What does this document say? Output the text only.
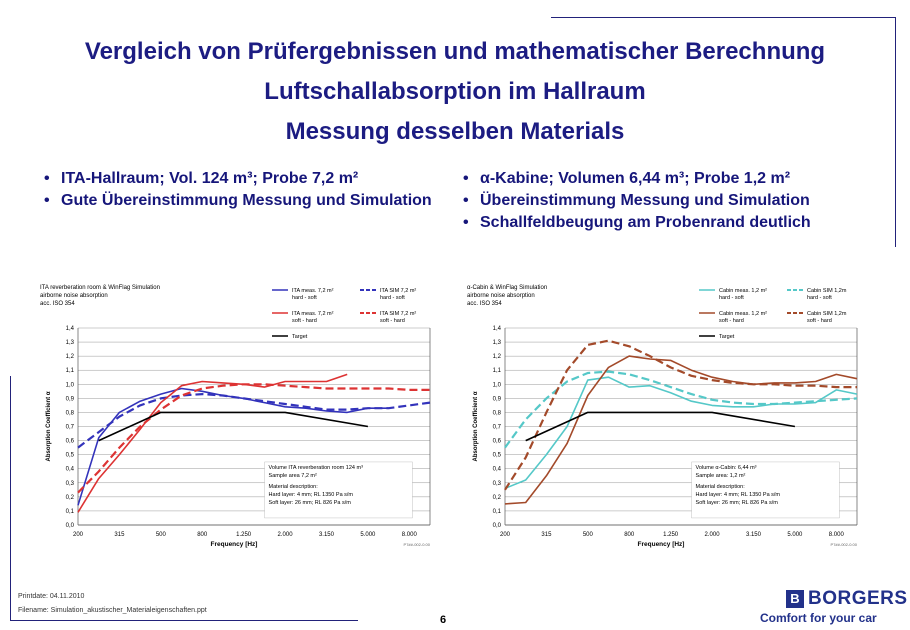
Vergleich von Prüfergebnissen und mathematischer Berechnung
Luftschallabsorption im Hallraum
Messung desselben Materials
• ITA-Hallraum; Vol. 124 m³; Probe 7,2 m²
• Gute Übereinstimmung Messung und Simulation
• α-Kabine; Volumen 6,44 m³; Probe 1,2 m²
• Übereinstimmung Messung und Simulation
• Schallfeldbeugung am Probenrand deutlich
ITA reverberation room & WinFlag Simulation
airborne noise absorption
acc. ISO 354
0,0
0,1
0,2
0,3
0,4
0,5
0,6
0,7
0,8
0,9
1,0
1,1
1,2
1,3
1,4
200	315	500	800	1.250	2.000	3.150	5.000	8.000
Frequency [Hz]
Absorption Coefficient α
P7##-002-0.00
ITA meas. 7,2 m²
hard - soft
ITA SIM 7,2 m²
hard - soft
ITA meas. 7,2 m²
soft - hard
ITA SIM 7,2 m²
soft - hard
Target
Volume ITA reverberation room 124 m³
Sample area 7,2 m²
Material description:
Hard layer: 4 mm; RL 1350 Pa s/m
Soft layer: 26 mm; RL 826 Pa s/m
α-Cabin & WinFlag Simulation
airborne noise absorption
acc. ISO 354
0,0
0,1
0,2
0,3
0,4
0,5
0,6
0,7
0,8
0,9
1,0
1,1
1,2
1,3
1,4
200	315	500	800	1.250	2.000	3.150	5.000	8.000
Frequency [Hz]
Absorption Coefficient α
P7##-002-0.00
Cabin meas. 1,2 m²
hard - soft
Cabin SIM 1,2m
hard - soft
Cabin meas. 1,2 m²
soft - hard
Cabin SIM 1,2m
soft - hard
Target
Volume α-Cabin: 6,44 m³
Sample area: 1,2 m²
Material description:
Hard layer: 4 mm; RL 1350 Pa s/m
Soft layer: 26 mm; RL 826 Pa s/m
Printdate: 04.11.2010
Filename: Simulation_akustischer_Materialeigenschaften.ppt
6
B BORGERS
Comfort for your car
